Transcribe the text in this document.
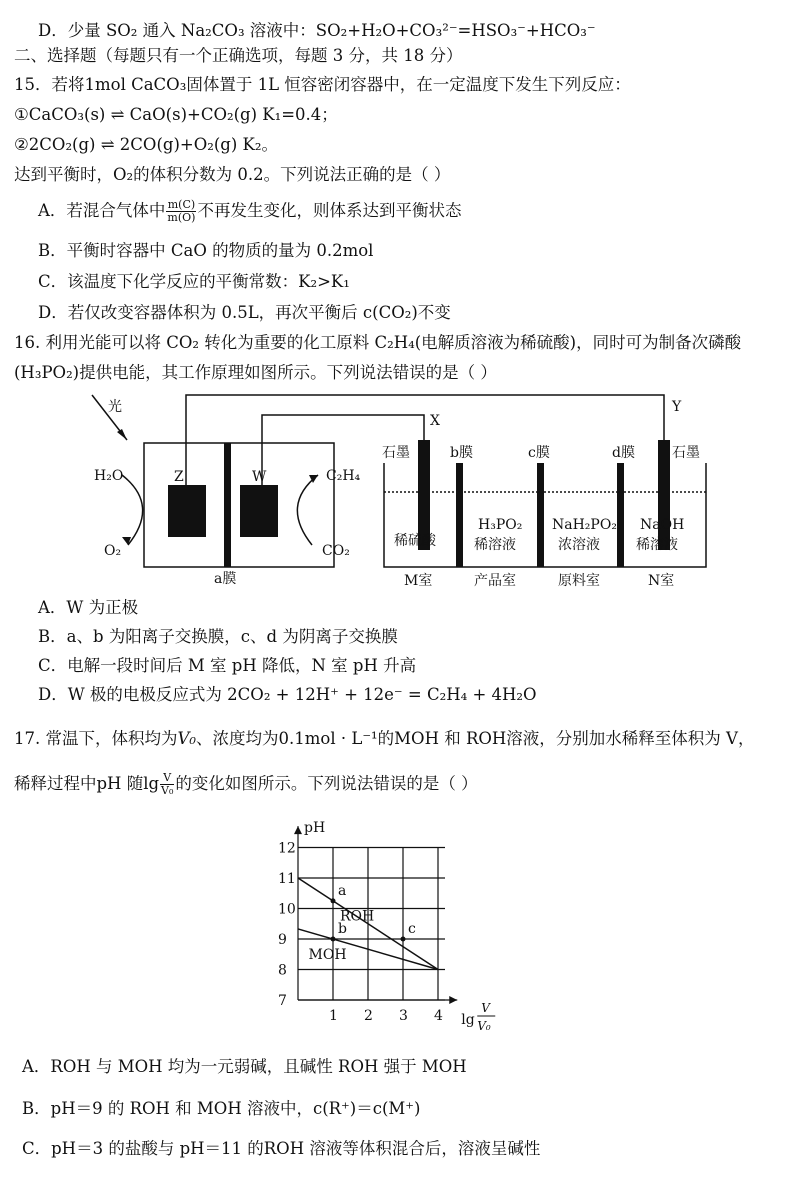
D．少量 SO₂ 通入 Na₂CO₃ 溶液中：SO₂+H₂O+CO₃²⁻=HSO₃⁻+HCO₃⁻
二、选择题（每题只有一个正确选项，每题 3 分，共 18 分）
15．若将1mol CaCO₃固体置于 1L 恒容密闭容器中，在一定温度下发生下列反应：
①CaCO₃(s) ⇌ CaO(s)+CO₂(g) K₁=0.4；
②2CO₂(g) ⇌ 2CO(g)+O₂(g) K₂。
达到平衡时，O₂的体积分数为 0.2。下列说法正确的是（ ）
A．若混合气体中 $\frac{m(C)}{m(O)}$ 不再发生变化，则体系达到平衡状态
B．平衡时容器中 CaO 的物质的量为 0.2mol
C．该温度下化学反应的平衡常数：K₂>K₁
D．若仅改变容器体积为 0.5L，再次平衡后 c(CO₂)不变
16. 利用光能可以将 CO₂ 转化为重要的化工原料 C₂H₄(电解质溶液为稀硫酸)，同时可为制备次磷酸
(H₃PO₂)提供电能，其工作原理如图所示。下列说法错误的是（ ）
光
Z	W
H₂O
O₂
C₂H₄
CO₂
a膜
X
Y
石墨	石墨
b膜	c膜	d膜
稀硫酸
H₃PO₂
稀溶液
NaH₂PO₂
浓溶液
NaOH
稀溶液
M室	产品室	原料室	N室
A．W 为正极
B．a、b 为阳离子交换膜，c、d 为阴离子交换膜
C．电解一段时间后 M 室 pH 降低，N 室 pH 升高
D．W 极的电极反应式为 2CO₂ + 12H⁺ + 12e⁻ = C₂H₄ + 4H₂O
17. 常温下，体积均为V₀、浓度均为0.1mol · L⁻¹的MOH 和 ROH溶液，分别加水稀释至体积为 V，
稀释过程中pH 随$\lg \frac{V}{\text{V₀}}$ 的变化如图所示。下列说法错误的是（ ）
7
8
9
10
11
12
1 2 3 4
pH
lg
V
V₀
ROH
MOH
a
b	c
A．ROH 与 MOH 均为一元弱碱，且碱性 ROH 强于 MOH
B．pH＝9 的 ROH 和 MOH 溶液中，c(R⁺)＝c(M⁺)
C．pH＝3 的盐酸与 pH＝11 的ROH 溶液等体积混合后，溶液呈碱性
